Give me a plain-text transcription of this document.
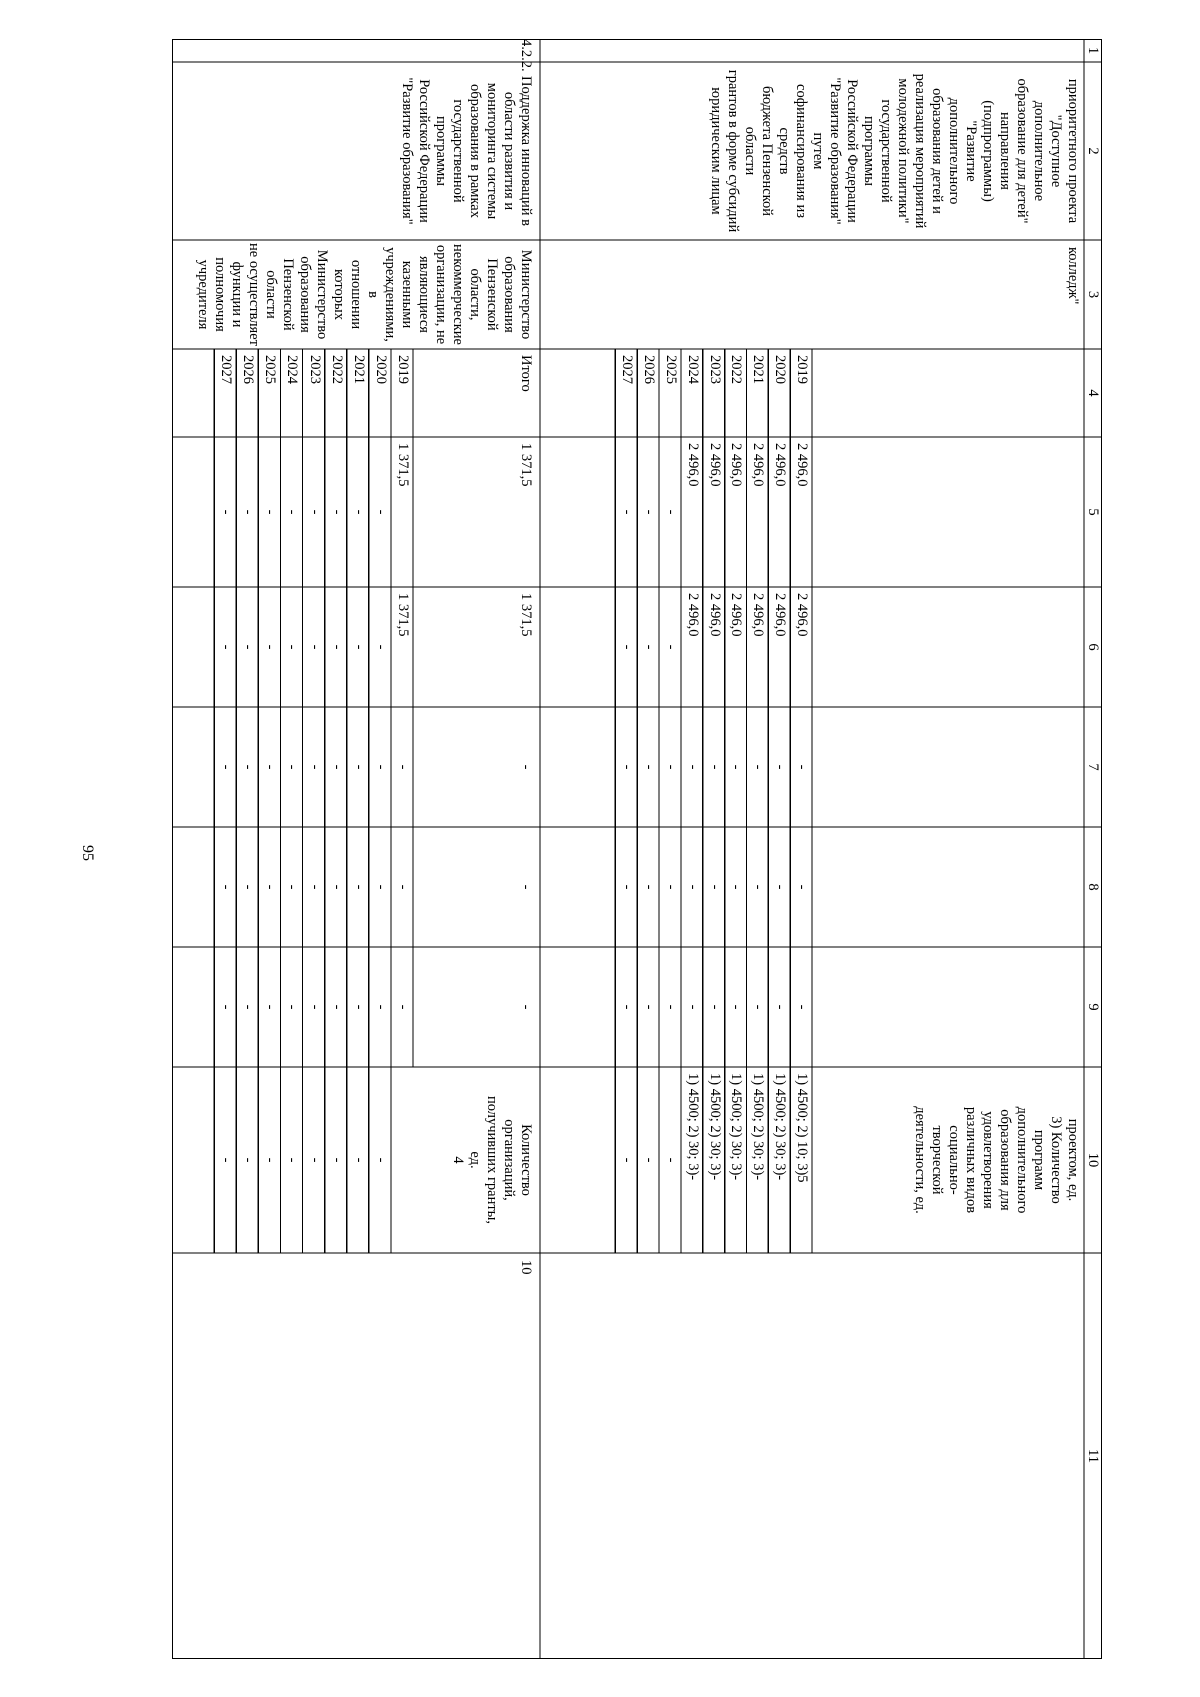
95
1
2
3
4
5
6
7
8
9
10
11
приоритетного проекта
"Доступное дополнительное
образование для детей"
направления (подпрограммы)
"Развитие дополнительного
образования детей и
реализация мероприятий
молодежной политики"
государственной программы
Российской Федерации
"Развитие образования" путем
софинансирования из средств
бюджета Пензенской области
грантов в форме субсидий
юридическим лицам
колледж"
проектом, ед.
3) Количество
программ
дополнительного
образования для
удовлетворения
различных видов
социально-
творческой
деятельности, ед.
2019
2 496,0
2 496,0
-
-
-
1) 4500; 2) 10; 3)5
2020
2 496,0
2 496,0
-
-
-
1) 4500; 2) 30; 3)-
2021
2 496,0
2 496,0
-
-
-
1) 4500; 2) 30; 3)-
2022
2 496,0
2 496,0
-
-
-
1) 4500; 2) 30; 3)-
2023
2 496,0
2 496,0
-
-
-
1) 4500; 2) 30; 3)-
2024
2 496,0
2 496,0
-
-
-
1) 4500; 2) 30; 3)-
2025
-
-
-
-
-
-
2026
-
-
-
-
-
-
2027
-
-
-
-
-
-
4.2.2.
Поддержка инноваций в
области развития и
мониторинга системы
образования в рамках
государственной программы
Российской Федерации
"Развитие образования"
Министерство
образования
Пензенской
области,
некоммерческие
организации, не
являющиеся
казенными
учреждениями, в
отношении которых
Министерство
образования
Пензенской области
не осуществляет
функции и
полномочия
учредителя
Итого
1 371,5
1 371,5
-
-
-
Количество
организаций,
получивших гранты,
ед.
4
10
2019
1 371,5
1 371,5
-
-
-
2020
-
-
-
-
-
-
2021
-
-
-
-
-
-
2022
-
-
-
-
-
-
2023
-
-
-
-
-
-
2024
-
-
-
-
-
-
2025
-
-
-
-
-
-
2026
-
-
-
-
-
-
2027
-
-
-
-
-
-
